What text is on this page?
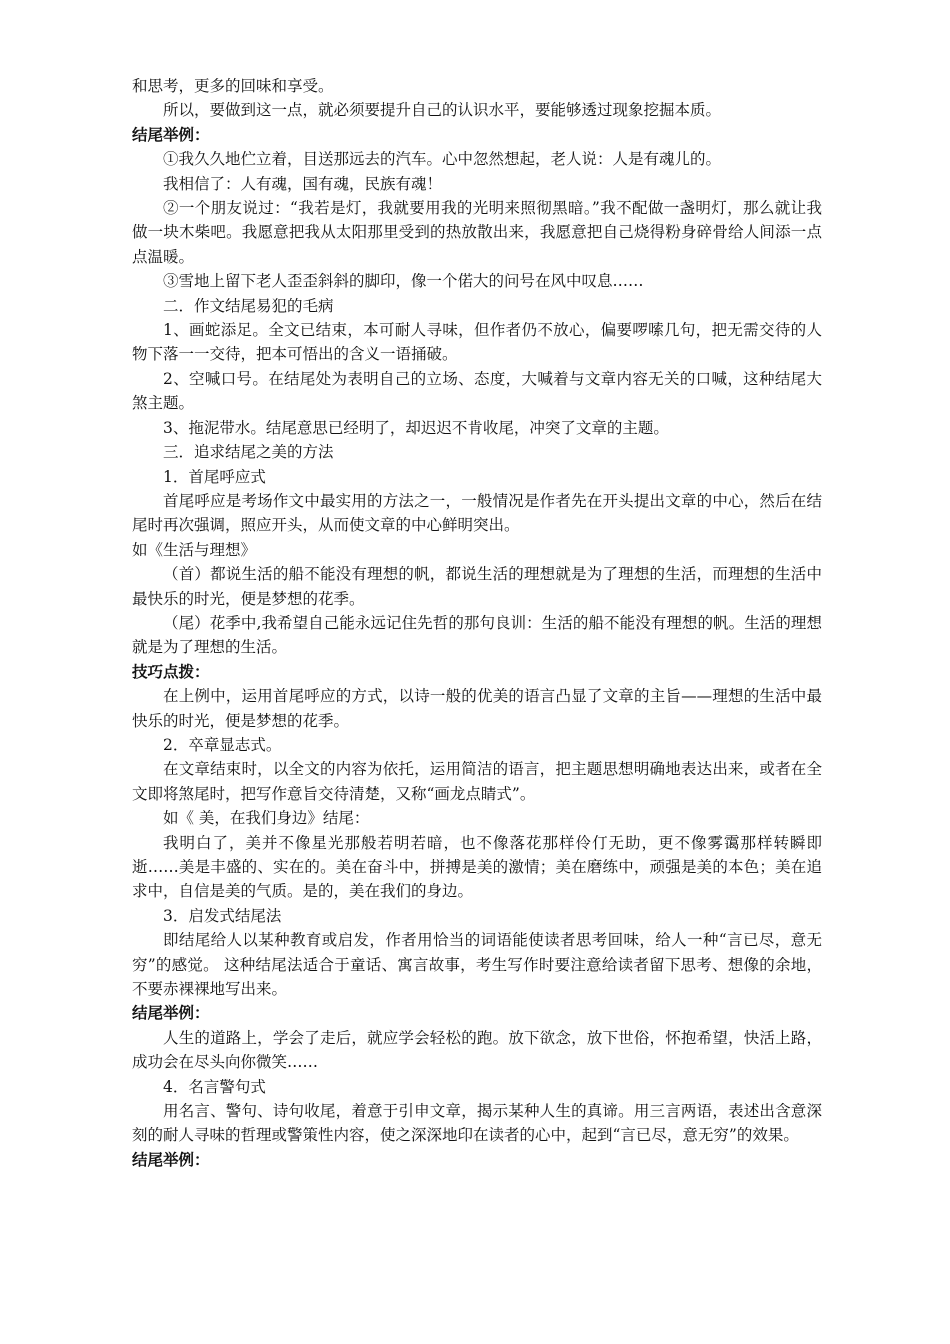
和思考，更多的回味和享受。

所以，要做到这一点，就必须要提升自己的认识水平，要能够透过现象挖掘本质。

结尾举例：

①我久久地伫立着，目送那远去的汽车。心中忽然想起，老人说：人是有魂儿的。

我相信了：人有魂，国有魂，民族有魂！

②一个朋友说过：“我若是灯，我就要用我的光明来照彻黑暗。”我不配做一盏明灯，那么就让我做一块木柴吧。我愿意把我从太阳那里受到的热放散出来，我愿意把自己烧得粉身碎骨给人间添一点点温暖。

③雪地上留下老人歪歪斜斜的脚印，像一个偌大的问号在风中叹息……

二．作文结尾易犯的毛病

1、画蛇添足。全文已结束，本可耐人寻味，但作者仍不放心，偏要啰嗦几句，把无需交待的人物下落一一交待，把本可悟出的含义一语捅破。

2、空喊口号。在结尾处为表明自己的立场、态度，大喊着与文章内容无关的口喊，这种结尾大煞主题。

3、拖泥带水。结尾意思已经明了，却迟迟不肯收尾，冲突了文章的主题。

三．追求结尾之美的方法

1．首尾呼应式

首尾呼应是考场作文中最实用的方法之一，一般情况是作者先在开头提出文章的中心，然后在结尾时再次强调，照应开头，从而使文章的中心鲜明突出。

如《生活与理想》

（首）都说生活的船不能没有理想的帆，都说生活的理想就是为了理想的生活，而理想的生活中最快乐的时光，便是梦想的花季。

（尾）花季中,我希望自己能永远记住先哲的那句良训：生活的船不能没有理想的帆。生活的理想就是为了理想的生活。

技巧点拨：

在上例中，运用首尾呼应的方式，以诗一般的优美的语言凸显了文章的主旨——理想的生活中最快乐的时光，便是梦想的花季。

2．卒章显志式。

在文章结束时，以全文的内容为依托，运用简洁的语言，把主题思想明确地表达出来，或者在全文即将煞尾时，把写作意旨交待清楚，又称“画龙点睛式”。

如《 美，在我们身边》结尾：

我明白了，美并不像星光那般若明若暗，也不像落花那样伶仃无助，更不像雾霭那样转瞬即逝……美是丰盛的、实在的。美在奋斗中，拼搏是美的激情；美在磨练中，顽强是美的本色；美在追求中，自信是美的气质。是的，美在我们的身边。

3．启发式结尾法

即结尾给人以某种教育或启发，作者用恰当的词语能使读者思考回味，给人一种“言已尽，意无穷”的感觉。 这种结尾法适合于童话、寓言故事，考生写作时要注意给读者留下思考、想像的余地，不要赤裸裸地写出来。

结尾举例：

人生的道路上，学会了走后，就应学会轻松的跑。放下欲念，放下世俗，怀抱希望，快活上路，成功会在尽头向你微笑……

4．名言警句式

用名言、警句、诗句收尾，着意于引申文章，揭示某种人生的真谛。用三言两语，表述出含意深刻的耐人寻味的哲理或警策性内容，使之深深地印在读者的心中，起到“言已尽，意无穷”的效果。

结尾举例：
